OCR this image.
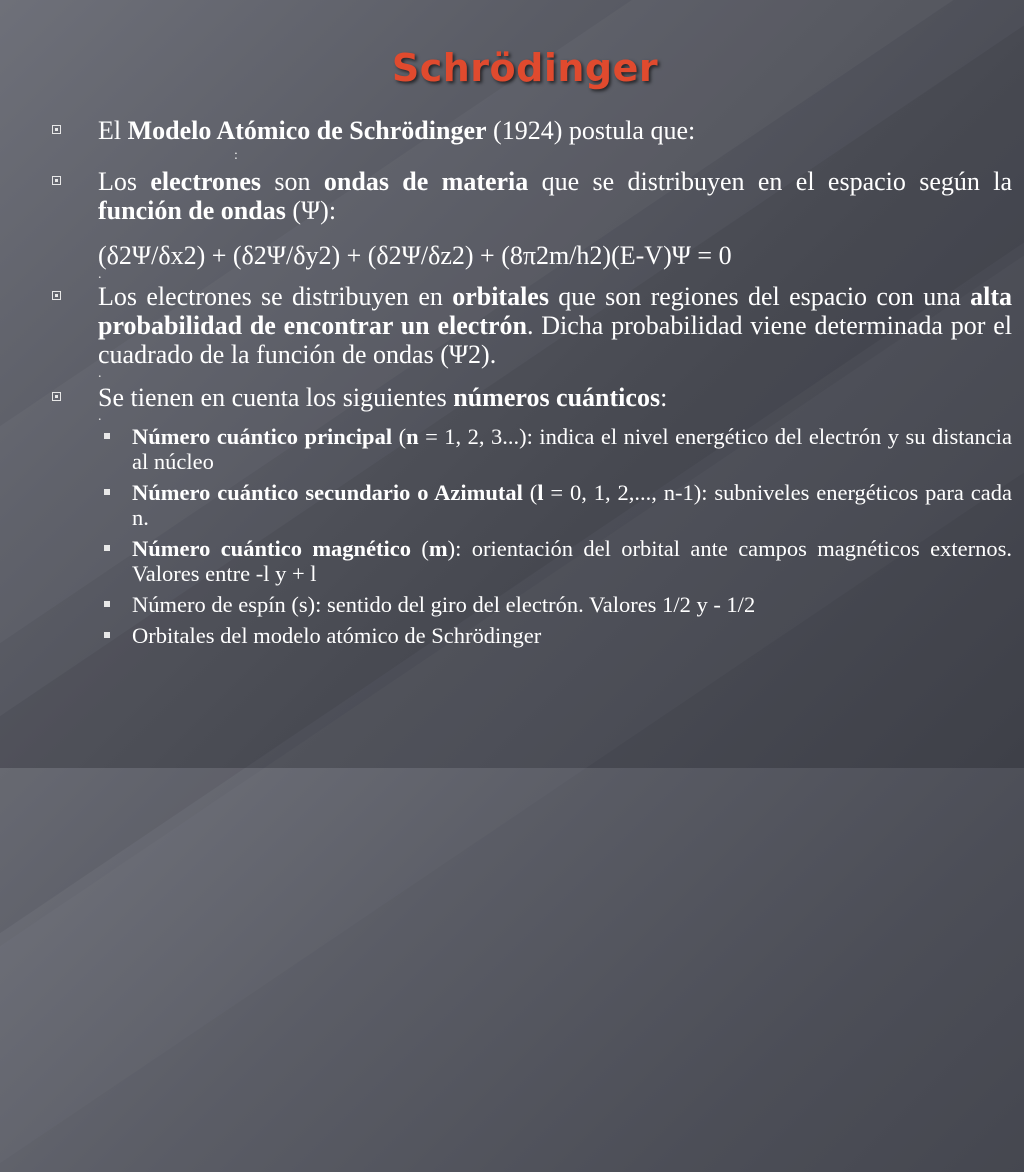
Schrödinger
El Modelo Atómico de Schrödinger (1924) postula que:
:
Los electrones son ondas de materia que se distribuyen en el espacio según la función de ondas (Ψ):
(δ2Ψ/δx2) + (δ2Ψ/δy2) + (δ2Ψ/δz2) + (8π2m/h2)(E-V)Ψ = 0
.
Los electrones se distribuyen en orbitales que son regiones del espacio con una alta probabilidad de encontrar un electrón. Dicha probabilidad viene determinada por el cuadrado de la función de ondas (Ψ2).
.
Se tienen en cuenta los siguientes números cuánticos:
.
Número cuántico principal (n = 1, 2, 3...): indica el nivel energético del electrón y su distancia al núcleo
Número cuántico secundario o Azimutal (l = 0, 1, 2,..., n-1): subniveles energéticos para cada n.
Número cuántico magnético (m): orientación del orbital ante campos magnéticos externos. Valores entre -l y + l
Número de espín (s): sentido del giro del electrón. Valores 1/2 y - 1/2
Orbitales del modelo atómico de Schrödinger
